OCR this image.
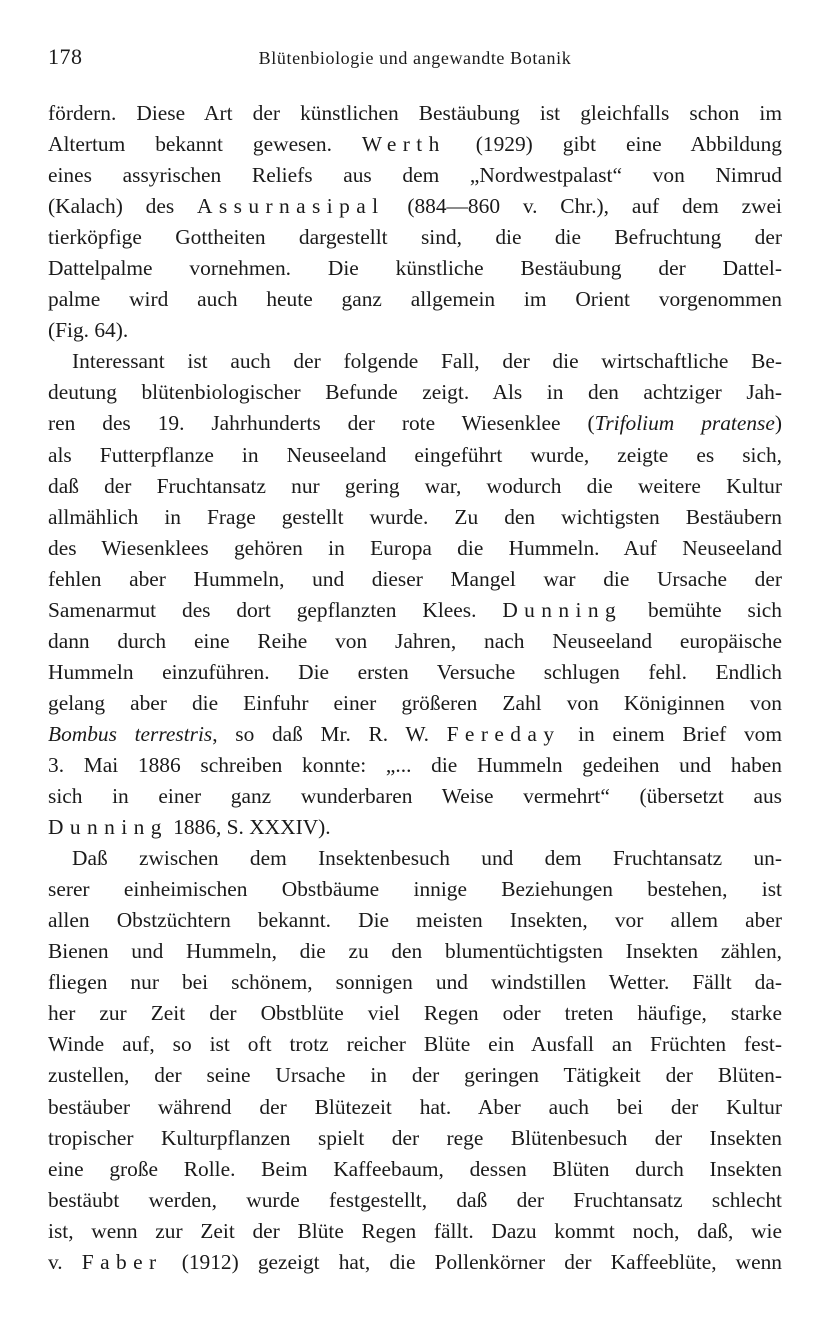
178	Blütenbiologie und angewandte Botanik
fördern. Diese Art der künstlichen Bestäubung ist gleichfalls schon im
Altertum bekannt gewesen. Werth (1929) gibt eine Abbildung
eines assyrischen Reliefs aus dem „Nordwestpalast“ von Nimrud
(Kalach) des Assurnasipal (884—860 v. Chr.), auf dem zwei
tierköpfige Gottheiten dargestellt sind, die die Befruchtung der
Dattelpalme vornehmen. Die künstliche Bestäubung der Dattel-
palme wird auch heute ganz allgemein im Orient vorgenommen
(Fig. 64).
Interessant ist auch der folgende Fall, der die wirtschaftliche Be-
deutung blütenbiologischer Befunde zeigt. Als in den achtziger Jah-
ren des 19. Jahrhunderts der rote Wiesenklee (Trifolium pratense)
als Futterpflanze in Neuseeland eingeführt wurde, zeigte es sich,
daß der Fruchtansatz nur gering war, wodurch die weitere Kultur
allmählich in Frage gestellt wurde. Zu den wichtigsten Bestäubern
des Wiesenklees gehören in Europa die Hummeln. Auf Neuseeland
fehlen aber Hummeln, und dieser Mangel war die Ursache der
Samenarmut des dort gepflanzten Klees. Dunning bemühte sich
dann durch eine Reihe von Jahren, nach Neuseeland europäische
Hummeln einzuführen. Die ersten Versuche schlugen fehl. Endlich
gelang aber die Einfuhr einer größeren Zahl von Königinnen von
Bombus terrestris, so daß Mr. R. W. Fereday in einem Brief vom
3. Mai 1886 schreiben konnte: „... die Hummeln gedeihen und haben
sich in einer ganz wunderbaren Weise vermehrt“ (übersetzt aus
Dunning 1886, S. XXXIV).
Daß zwischen dem Insektenbesuch und dem Fruchtansatz un-
serer einheimischen Obstbäume innige Beziehungen bestehen, ist
allen Obstzüchtern bekannt. Die meisten Insekten, vor allem aber
Bienen und Hummeln, die zu den blumentüchtigsten Insekten zählen,
fliegen nur bei schönem, sonnigen und windstillen Wetter. Fällt da-
her zur Zeit der Obstblüte viel Regen oder treten häufige, starke
Winde auf, so ist oft trotz reicher Blüte ein Ausfall an Früchten fest-
zustellen, der seine Ursache in der geringen Tätigkeit der Blüten-
bestäuber während der Blütezeit hat. Aber auch bei der Kultur
tropischer Kulturpflanzen spielt der rege Blütenbesuch der Insekten
eine große Rolle. Beim Kaffeebaum, dessen Blüten durch Insekten
bestäubt werden, wurde festgestellt, daß der Fruchtansatz schlecht
ist, wenn zur Zeit der Blüte Regen fällt. Dazu kommt noch, daß, wie
v. Faber (1912) gezeigt hat, die Pollenkörner der Kaffeeblüte, wenn
